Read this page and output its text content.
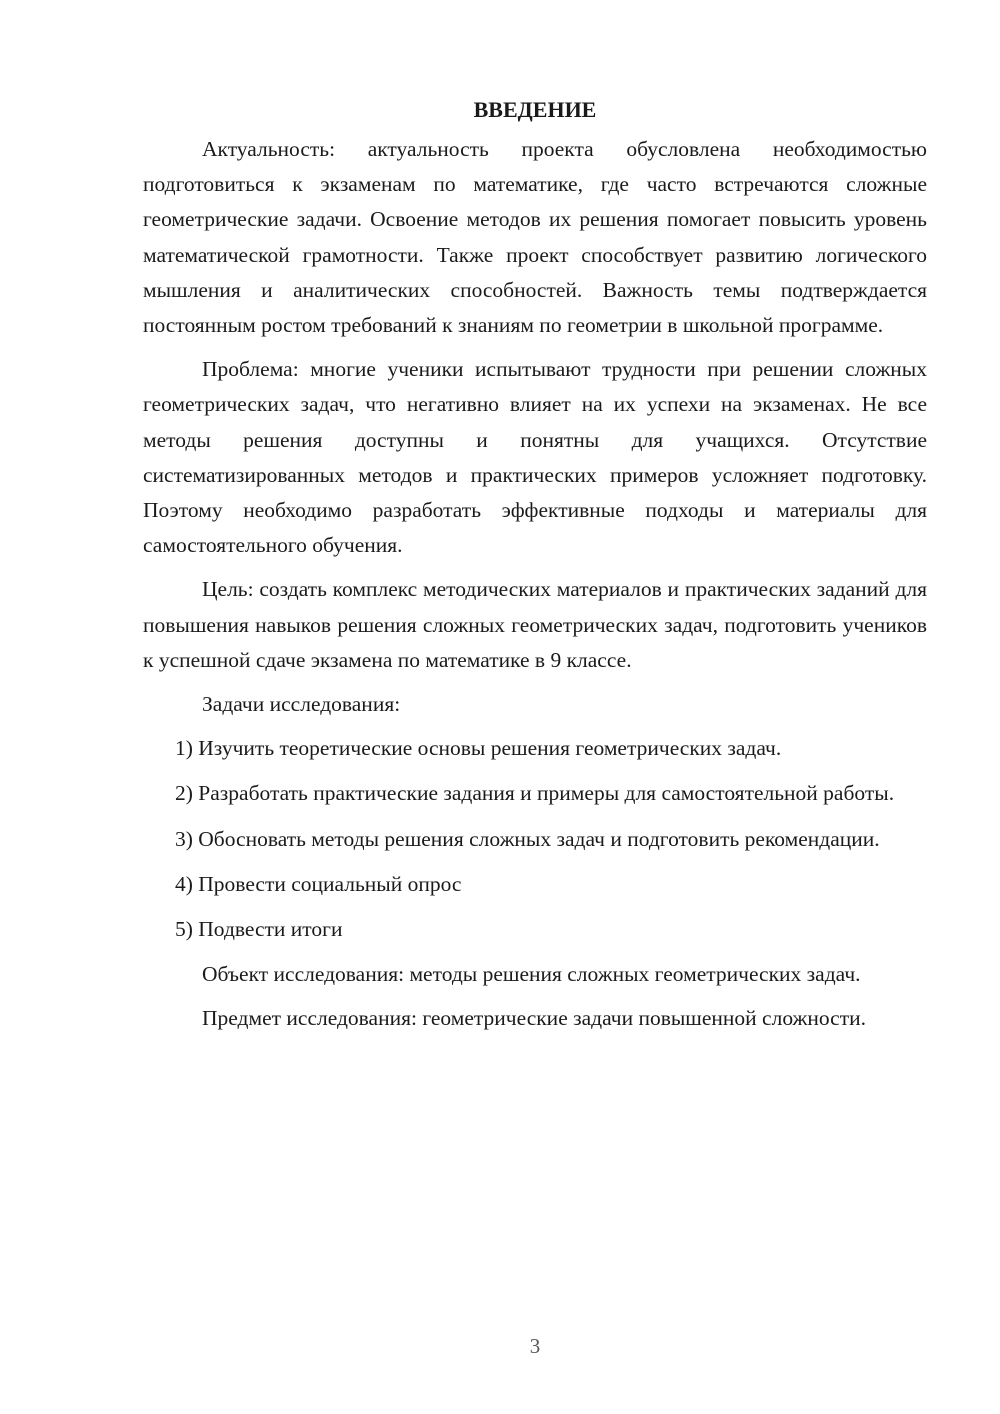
ВВЕДЕНИЕ

Актуальность: актуальность проекта обусловлена необходимостью подготовиться к экзаменам по математике, где часто встречаются сложные геометрические задачи. Освоение методов их решения помогает повысить уровень математической грамотности. Также проект способствует развитию логического мышления и аналитических способностей. Важность темы подтверждается постоянным ростом требований к знаниям по геометрии в школьной программе.

Проблема: многие ученики испытывают трудности при решении сложных геометрических задач, что негативно влияет на их успехи на экзаменах. Не все методы решения доступны и понятны для учащихся. Отсутствие систематизированных методов и практических примеров усложняет подготовку. Поэтому необходимо разработать эффективные подходы и материалы для самостоятельного обучения.

Цель: создать комплекс методических материалов и практических заданий для повышения навыков решения сложных геометрических задач, подготовить учеников к успешной сдаче экзамена по математике в 9 классе.

Задачи исследования:

1) Изучить теоретические основы решения геометрических задач.

2) Разработать практические задания и примеры для самостоятельной работы.

3) Обосновать методы решения сложных задач и подготовить рекомендации.

4) Провести социальный опрос

5) Подвести итоги

Объект исследования: методы решения сложных геометрических задач.

Предмет исследования: геометрические задачи повышенной сложности.

3
